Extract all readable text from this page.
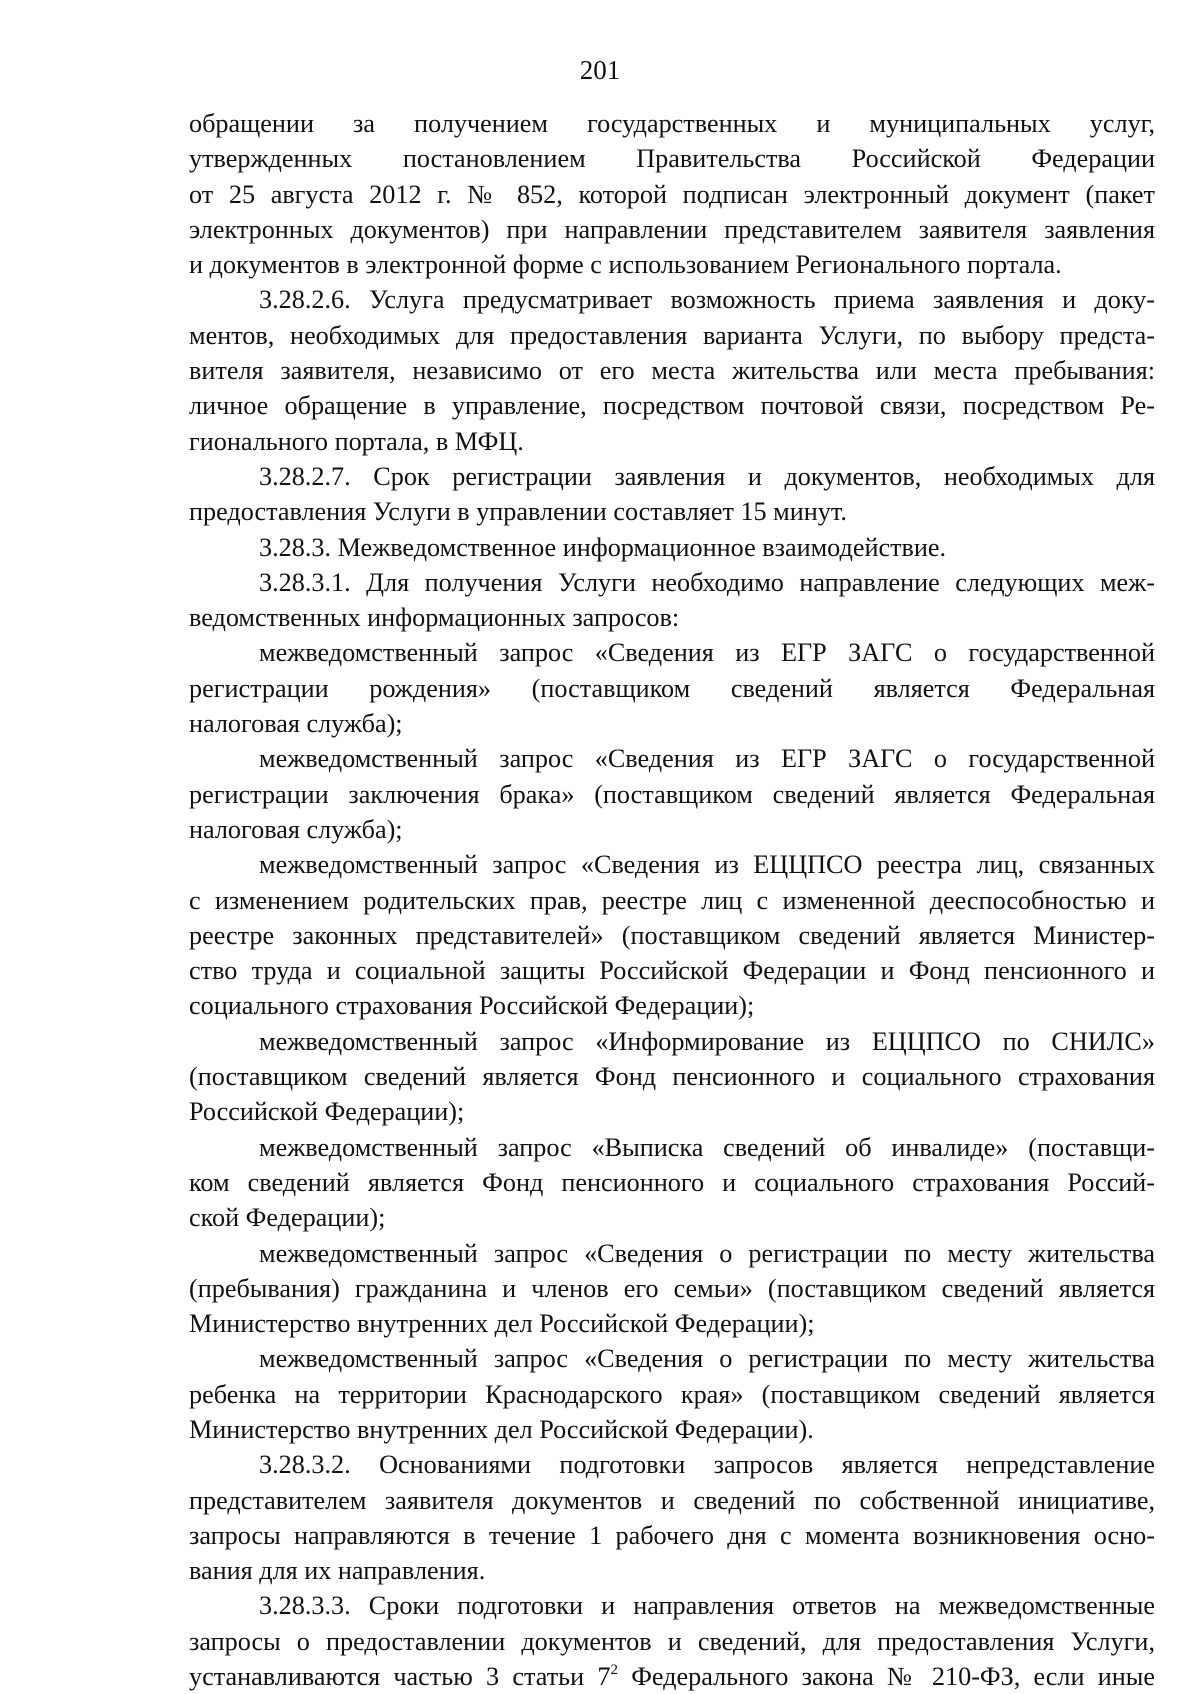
201
обращении за получением государственных и муниципальных услуг,
утвержденных постановлением Правительства Российской Федерации
от 25 августа 2012 г. № 852, которой подписан электронный документ (пакет
электронных документов) при направлении представителем заявителя заявления
и документов в электронной форме с использованием Регионального портала.
3.28.2.6. Услуга предусматривает возможность приема заявления и доку-
ментов, необходимых для предоставления варианта Услуги, по выбору предста-
вителя заявителя, независимо от его места жительства или места пребывания:
личное обращение в управление, посредством почтовой связи, посредством Ре-
гионального портала, в МФЦ.
3.28.2.7. Срок регистрации заявления и документов, необходимых для
предоставления Услуги в управлении составляет 15 минут.
3.28.3. Межведомственное информационное взаимодействие.
3.28.3.1. Для получения Услуги необходимо направление следующих меж-
ведомственных информационных запросов:
межведомственный запрос «Сведения из ЕГР ЗАГС о государственной
регистрации рождения» (поставщиком сведений является Федеральная
налоговая служба);
межведомственный запрос «Сведения из ЕГР ЗАГС о государственной
регистрации заключения брака» (поставщиком сведений является Федеральная
налоговая служба);
межведомственный запрос «Сведения из ЕЦЦПСО реестра лиц, связанных
с изменением родительских прав, реестре лиц с измененной дееспособностью и
реестре законных представителей» (поставщиком сведений является Министер-
ство труда и социальной защиты Российской Федерации и Фонд пенсионного и
социального страхования Российской Федерации);
межведомственный запрос «Информирование из ЕЦЦПСО по СНИЛС»
(поставщиком сведений является Фонд пенсионного и социального страхования
Российской Федерации);
межведомственный запрос «Выписка сведений об инвалиде» (поставщи-
ком сведений является Фонд пенсионного и социального страхования Россий-
ской Федерации);
межведомственный запрос «Сведения о регистрации по месту жительства
(пребывания) гражданина и членов его семьи» (поставщиком сведений является
Министерство внутренних дел Российской Федерации);
межведомственный запрос «Сведения о регистрации по месту жительства
ребенка на территории Краснодарского края» (поставщиком сведений является
Министерство внутренних дел Российской Федерации).
3.28.3.2. Основаниями подготовки запросов является непредставление
представителем заявителя документов и сведений по собственной инициативе,
запросы направляются в течение 1 рабочего дня с момента возникновения осно-
вания для их направления.
3.28.3.3. Сроки подготовки и направления ответов на межведомственные
запросы о предоставлении документов и сведений, для предоставления Услуги,
устанавливаются частью 3 статьи $7^2$ Федерального закона № 210-ФЗ, если иные
